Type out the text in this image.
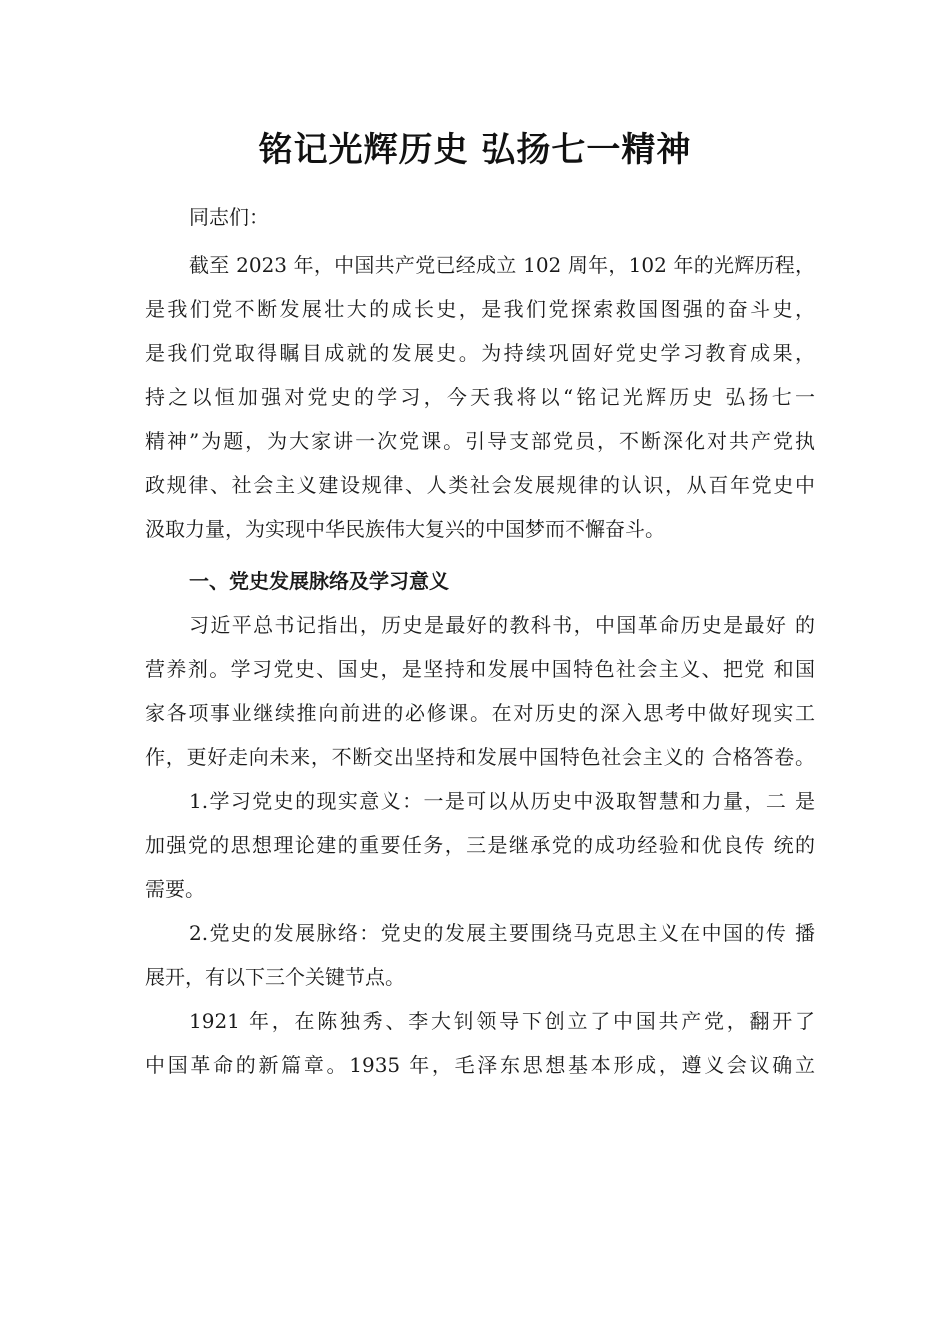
铭记光辉历史 弘扬七一精神
同志们：
截至 2023 年，中国共产党已经成立 102 周年，102 年的光辉历程，
是我们党不断发展壮大的成长史，是我们党探索救国图强的奋斗史，
是我们党取得瞩目成就的发展史。为持续巩固好党史学习教育成果，
持之以恒加强对党史的学习，今天我将以“铭记光辉历史 弘扬七一
精神”为题，为大家讲一次党课。引导支部党员，不断深化对共产党执
政规律、社会主义建设规律、人类社会发展规律的认识，从百年党史中
汲取力量，为实现中华民族伟大复兴的中国梦而不懈奋斗。
一、党史发展脉络及学习意义
习近平总书记指出，历史是最好的教科书，中国革命历史是最好 的
营养剂。学习党史、国史，是坚持和发展中国特色社会主义、把党 和国
家各项事业继续推向前进的必修课。在对历史的深入思考中做好现实工
作，更好走向未来，不断交出坚持和发展中国特色社会主义的 合格答卷。
1.学习党史的现实意义：一是可以从历史中汲取智慧和力量，二 是
加强党的思想理论建的重要任务，三是继承党的成功经验和优良传 统的
需要。
2.党史的发展脉络：党史的发展主要围绕马克思主义在中国的传 播
展开，有以下三个关键节点。
1921 年，在陈独秀、李大钊领导下创立了中国共产党，翻开了
中国革命的新篇章。1935 年，毛泽东思想基本形成，遵义会议确立
